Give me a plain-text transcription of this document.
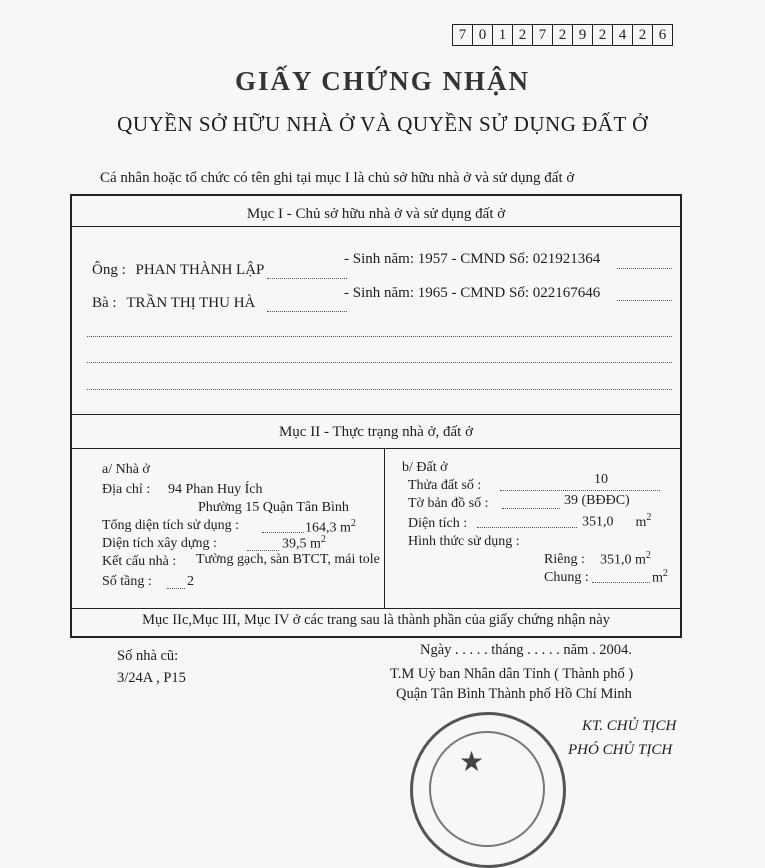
7 0 1 2 7 2 9 2 4 2 6
GIẤY CHỨNG NHẬN
QUYỀN SỞ HỮU NHÀ Ở VÀ QUYỀN SỬ DỤNG ĐẤT Ở
Cá nhân hoặc tổ chức có tên ghi tại mục I là chủ sở hữu nhà ở và sử dụng đất ở
Mục I - Chủ sở hữu nhà ở và sử dụng đất ở
Ông : PHAN THÀNH LẬP
- Sinh năm: 1957 - CMND Số: 021921364
Bà : TRẦN THỊ THU HÀ
- Sinh năm: 1965 - CMND Số: 022167646
Mục II - Thực trạng nhà ở, đất ở
a/ Nhà ở
Địa chỉ : 94 Phan Huy Ích
Phường 15 Quận Tân Bình
Tổng diện tích sử dụng :	164,3 $m^2$
Diện tích xây dựng :	39,5 $m^2$
Kết cấu nhà : Tường gạch, sàn BTCT, mái tole
Số tầng :	2
b/ Đất ở
Thửa đất số :	10
Tờ bản đồ số :	39 (BĐĐC)
Diện tích :	351,0 $m^2$
Hình thức sử dụng :
Riêng : 351,0 $m^2$
Chung :	$m^2$
Mục IIc,Mục III, Mục IV ở các trang sau là thành phần của giấy chứng nhận này
Số nhà cũ:
3/24A , P15
Ngày . . . . . tháng . . . . . năm . 2004.
T.M Uỷ ban Nhân dân Tỉnh ( Thành phố )
Quận Tân Bình Thành phố Hồ Chí Minh
★
KT. CHỦ TỊCH
PHÓ CHỦ TỊCH
